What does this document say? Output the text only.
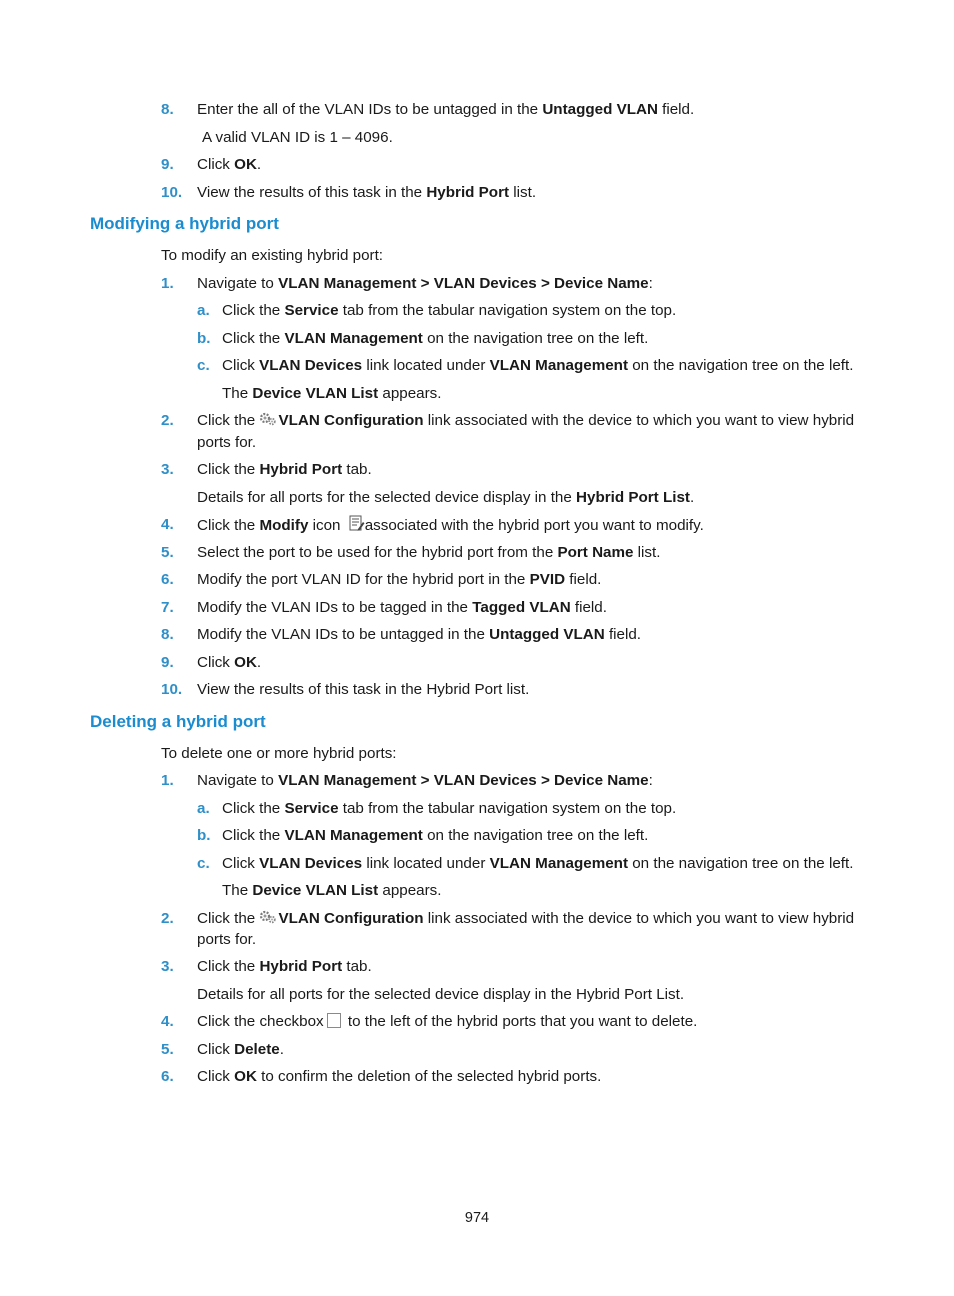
8. Enter the all of the VLAN IDs to be untagged in the Untagged VLAN field.
A valid VLAN ID is 1 – 4096.
9. Click OK.
10. View the results of this task in the Hybrid Port list.
Modifying a hybrid port
To modify an existing hybrid port:
1. Navigate to VLAN Management > VLAN Devices > Device Name:
a. Click the Service tab from the tabular navigation system on the top.
b. Click the VLAN Management on the navigation tree on the left.
c. Click VLAN Devices link located under VLAN Management on the navigation tree on the left.
The Device VLAN List appears.
2. Click the VLAN Configuration link associated with the device to which you want to view hybrid
ports for.
3. Click the Hybrid Port tab.
Details for all ports for the selected device display in the Hybrid Port List.
4. Click the Modify icon associated with the hybrid port you want to modify.
5. Select the port to be used for the hybrid port from the Port Name list.
6. Modify the port VLAN ID for the hybrid port in the PVID field.
7. Modify the VLAN IDs to be tagged in the Tagged VLAN field.
8. Modify the VLAN IDs to be untagged in the Untagged VLAN field.
9. Click OK.
10. View the results of this task in the Hybrid Port list.
Deleting a hybrid port
To delete one or more hybrid ports:
1. Navigate to VLAN Management > VLAN Devices > Device Name:
a. Click the Service tab from the tabular navigation system on the top.
b. Click the VLAN Management on the navigation tree on the left.
c. Click VLAN Devices link located under VLAN Management on the navigation tree on the left.
The Device VLAN List appears.
2. Click the VLAN Configuration link associated with the device to which you want to view hybrid
ports for.
3. Click the Hybrid Port tab.
Details for all ports for the selected device display in the Hybrid Port List.
4. Click the checkbox to the left of the hybrid ports that you want to delete.
5. Click Delete.
6. Click OK to confirm the deletion of the selected hybrid ports.
974
